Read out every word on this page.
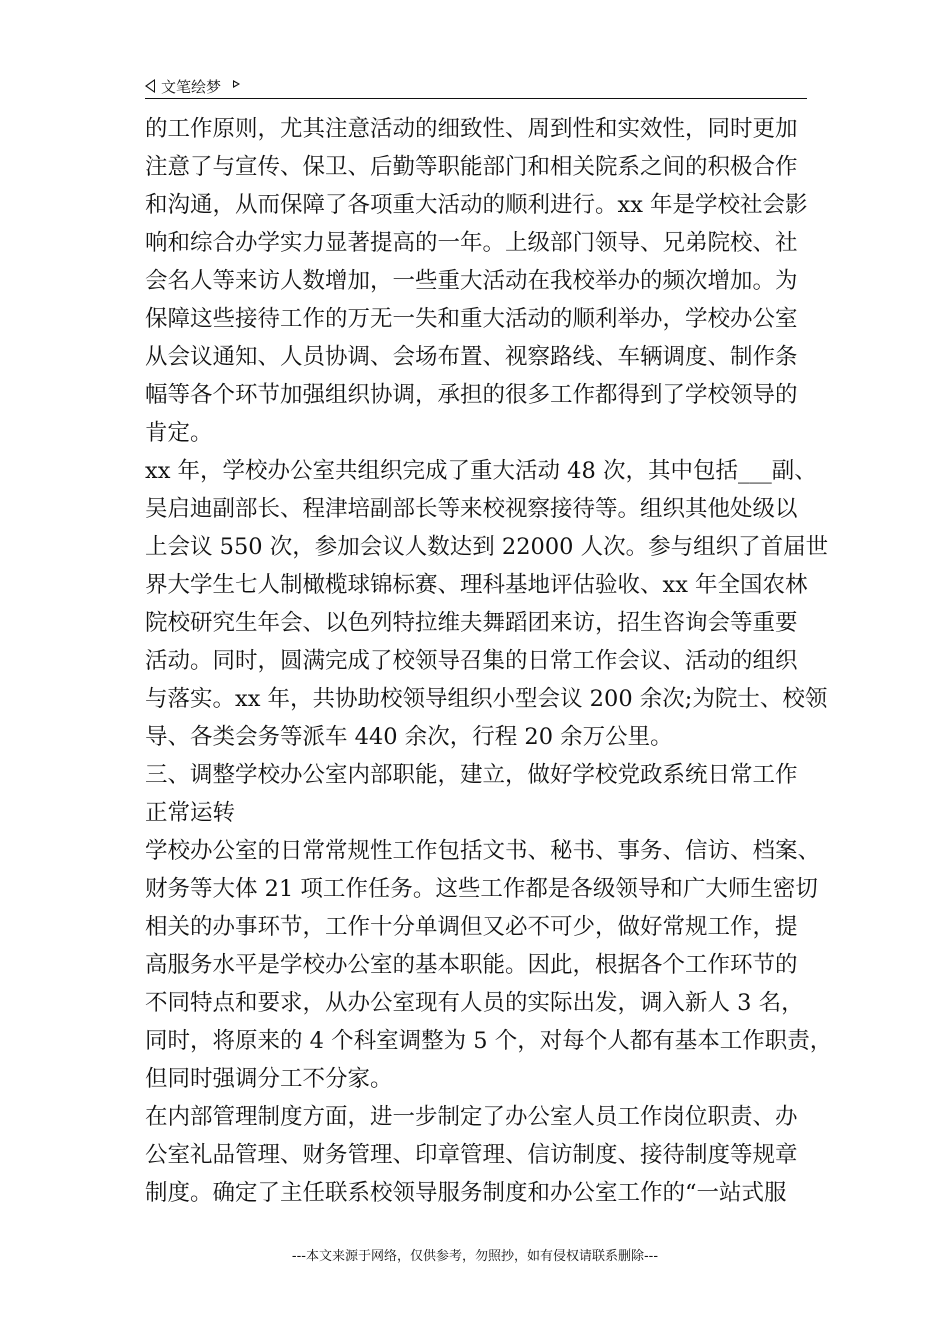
文笔绘梦
的工作原则，尤其注意活动的细致性、周到性和实效性，同时更加
注意了与宣传、保卫、后勤等职能部门和相关院系之间的积极合作
和沟通，从而保障了各项重大活动的顺利进行。xx 年是学校社会影
响和综合办学实力显著提高的一年。上级部门领导、兄弟院校、社
会名人等来访人数增加，一些重大活动在我校举办的频次增加。为
保障这些接待工作的万无一失和重大活动的顺利举办，学校办公室
从会议通知、人员协调、会场布置、视察路线、车辆调度、制作条
幅等各个环节加强组织协调，承担的很多工作都得到了学校领导的
肯定。
xx 年，学校办公室共组织完成了重大活动 48 次，其中包括___副、
吴启迪副部长、程津培副部长等来校视察接待等。组织其他处级以
上会议 550 次，参加会议人数达到 22000 人次。参与组织了首届世
界大学生七人制橄榄球锦标赛、理科基地评估验收、xx 年全国农林
院校研究生年会、以色列特拉维夫舞蹈团来访，招生咨询会等重要
活动。同时，圆满完成了校领导召集的日常工作会议、活动的组织
与落实。xx 年，共协助校领导组织小型会议 200 余次;为院士、校领
导、各类会务等派车 440 余次，行程 20 余万公里。
三、调整学校办公室内部职能，建立，做好学校党政系统日常工作
正常运转
学校办公室的日常常规性工作包括文书、秘书、事务、信访、档案、
财务等大体 21 项工作任务。这些工作都是各级领导和广大师生密切
相关的办事环节，工作十分单调但又必不可少，做好常规工作，提
高服务水平是学校办公室的基本职能。因此，根据各个工作环节的
不同特点和要求，从办公室现有人员的实际出发，调入新人 3 名，
同时，将原来的 4 个科室调整为 5 个，对每个人都有基本工作职责，
但同时强调分工不分家。
在内部管理制度方面，进一步制定了办公室人员工作岗位职责、办
公室礼品管理、财务管理、印章管理、信访制度、接待制度等规章
制度。确定了主任联系校领导服务制度和办公室工作的“一站式服
---本文来源于网络，仅供参考，勿照抄，如有侵权请联系删除---
